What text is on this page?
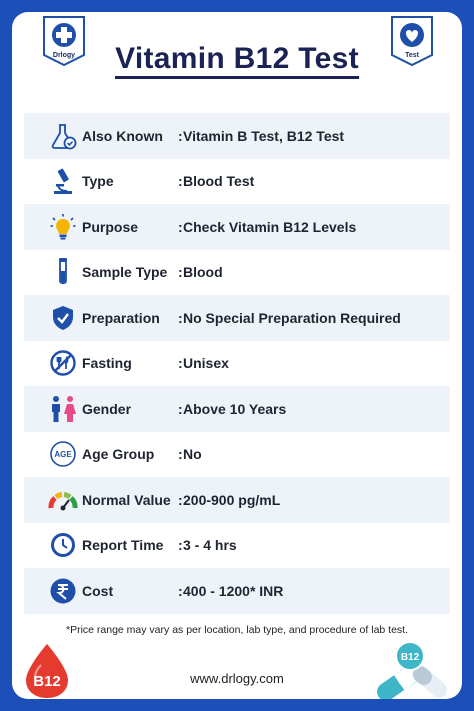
Drlogy	Test
Vitamin B12 Test
Also Known : Vitamin B Test, B12 Test
Type	: Blood Test
Purpose	: Check Vitamin B12 Levels
Sample Type : Blood
Preparation : No Special Preparation Required
Fasting	: Unisex
Gender	: Above 10 Years
AGE Age Group : No
Normal Value : 200-900 pg/mL
Report Time : 3 - 4 hrs
Cost	: 400 - 1200* INR
*Price range may vary as per location, lab type, and procedure of lab test.
www.drlogy.com
B12
B12
